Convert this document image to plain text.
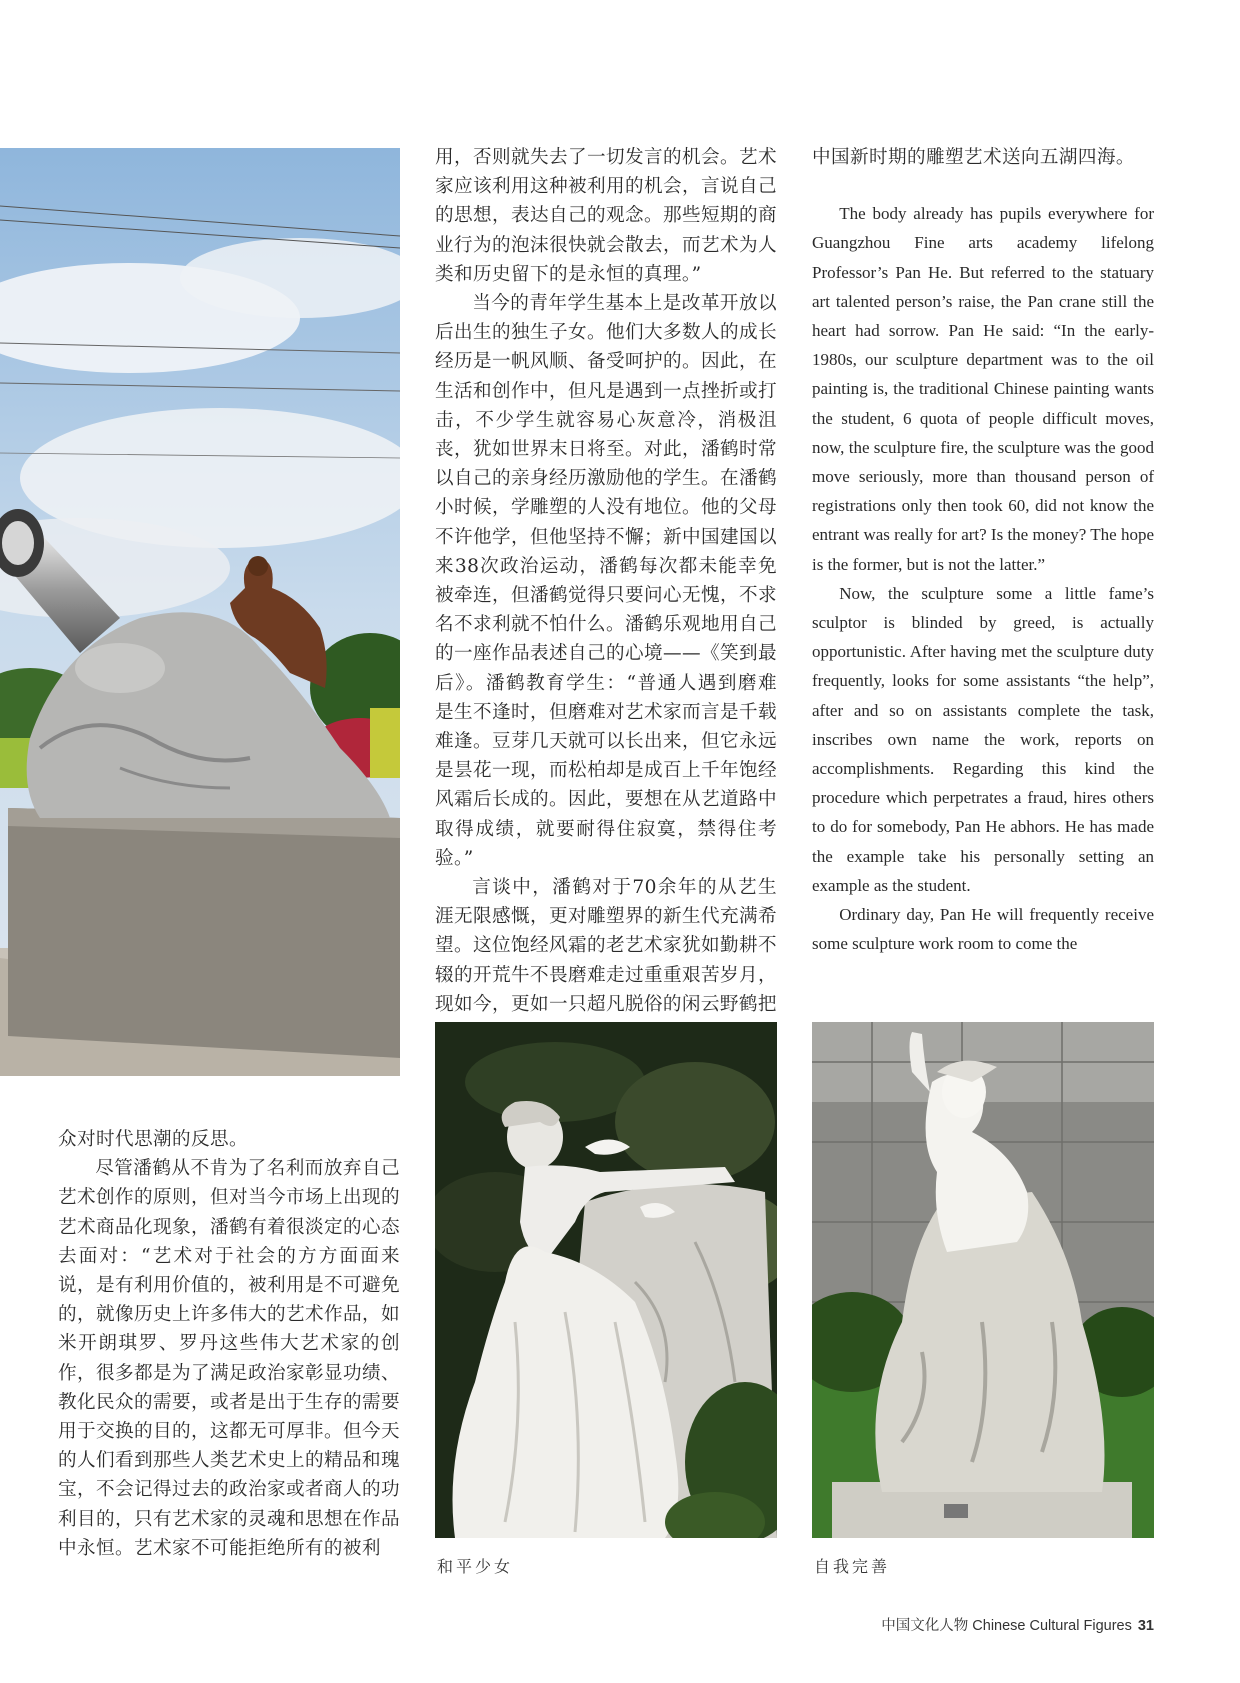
众对时代思潮的反思。

尽管潘鹤从不肯为了名利而放弃自己艺术创作的原则，但对当今市场上出现的艺术商品化现象，潘鹤有着很淡定的心态去面对：“艺术对于社会的方方面面来说，是有利用价值的，被利用是不可避免的，就像历史上许多伟大的艺术作品，如米开朗琪罗、罗丹这些伟大艺术家的创作，很多都是为了满足政治家彰显功绩、教化民众的需要，或者是出于生存的需要用于交换的目的，这都无可厚非。但今天的人们看到那些人类艺术史上的精品和瑰宝，不会记得过去的政治家或者商人的功利目的，只有艺术家的灵魂和思想在作品中永恒。艺术家不可能拒绝所有的被利

用，否则就失去了一切发言的机会。艺术家应该利用这种被利用的机会，言说自己的思想，表达自己的观念。那些短期的商业行为的泡沫很快就会散去，而艺术为人类和历史留下的是永恒的真理。”

当今的青年学生基本上是改革开放以后出生的独生子女。他们大多数人的成长经历是一帆风顺、备受呵护的。因此，在生活和创作中，但凡是遇到一点挫折或打击，不少学生就容易心灰意冷，消极沮丧，犹如世界末日将至。对此，潘鹤时常以自己的亲身经历激励他的学生。在潘鹤小时候，学雕塑的人没有地位。他的父母不许他学，但他坚持不懈；新中国建国以来38次政治运动，潘鹤每次都未能幸免被牵连，但潘鹤觉得只要问心无愧，不求名不求利就不怕什么。潘鹤乐观地用自己的一座作品表述自己的心境——《笑到最后》。潘鹤教育学生：“普通人遇到磨难是生不逢时，但磨难对艺术家而言是千载难逢。豆芽几天就可以长出来，但它永远是昙花一现，而松柏却是成百上千年饱经风霜后长成的。因此，要想在从艺道路中取得成绩，就要耐得住寂寞，禁得住考验。”

言谈中，潘鹤对于70余年的从艺生涯无限感慨，更对雕塑界的新生代充满希望。这位饱经风霜的老艺术家犹如勤耕不辍的开荒牛不畏磨难走过重重艰苦岁月，现如今，更如一只超凡脱俗的闲云野鹤把

中国新时期的雕塑艺术送向五湖四海。

The body already has pupils everywhere for Guangzhou Fine arts academy lifelong Professor’s Pan He. But referred to the statuary art talented person’s raise, the Pan crane still the heart had sorrow. Pan He said: “In the early-1980s, our sculpture department was to the oil painting is, the traditional Chinese painting wants the student, 6 quota of people difficult moves, now, the sculpture fire, the sculpture was the good move seriously, more than thousand person of registrations only then took 60, did not know the entrant was really for art? Is the money? The hope is the former, but is not the latter.”

Now, the sculpture some a little fame’s sculptor is blinded by greed, is actually opportunistic. After having met the sculpture duty frequently, looks for some assistants “the help”, after and so on assistants complete the task, inscribes own name the work, reports on accomplishments. Regarding this kind the procedure which perpetrates a fraud, hires others to do for somebody, Pan He abhors. He has made the example take his personally setting an example as the student.

Ordinary day, Pan He will frequently receive some sculpture work room to come the

和平少女	自我完善
中国文化人物 Chinese Cultural Figures 31
